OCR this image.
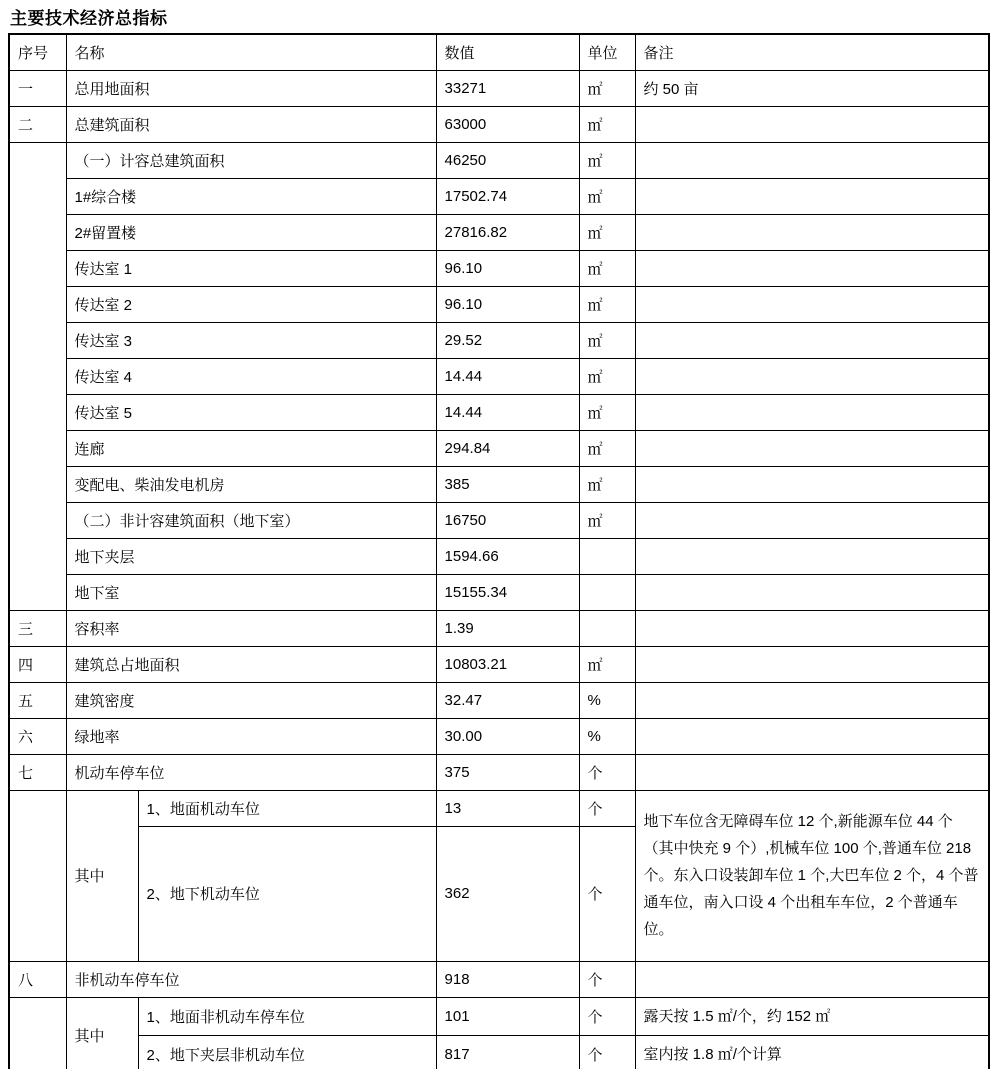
主要技术经济总指标
序号	名称		数值	单位	备注
一	总用地面积		33271	㎡	约 50 亩
二	总建筑面积		63000	㎡	
	（一）计容总建筑面积		46250	㎡	
	1#综合楼		17502.74	㎡	
	2#留置楼		27816.82	㎡	
	传达室 1		96.10	㎡	
	传达室 2		96.10	㎡	
	传达室 3		29.52	㎡	
	传达室 4		14.44	㎡	
	传达室 5		14.44	㎡	
	连廊		294.84	㎡	
	变配电、柴油发电机房		385	㎡	
	（二）非计容建筑面积（地下室）		16750	㎡	
	地下夹层		1594.66		
	地下室		15155.34		
三	容积率		1.39		
四	建筑总占地面积		10803.21	㎡	
五	建筑密度		32.47	%	
六	绿地率		30.00	%	
七	机动车停车位		375	个	
	其中	1、地面机动车位	13	个	地下车位含无障碍车位 12 个,新能源车位 44 个（其中快充 9 个）,机械车位 100 个,普通车位 218 个。东入口设装卸车位 1 个,大巴车位 2 个，4 个普通车位，南入口设 4 个出租车车位，2 个普通车位。
		2、地下机动车位	362	个	
八	非机动车停车位		918	个	
	其中	1、地面非机动车停车位	101	个	露天按 1.5 ㎡/个，约 152 ㎡
		2、地下夹层非机动车位	817	个	室内按 1.8 ㎡/个计算
